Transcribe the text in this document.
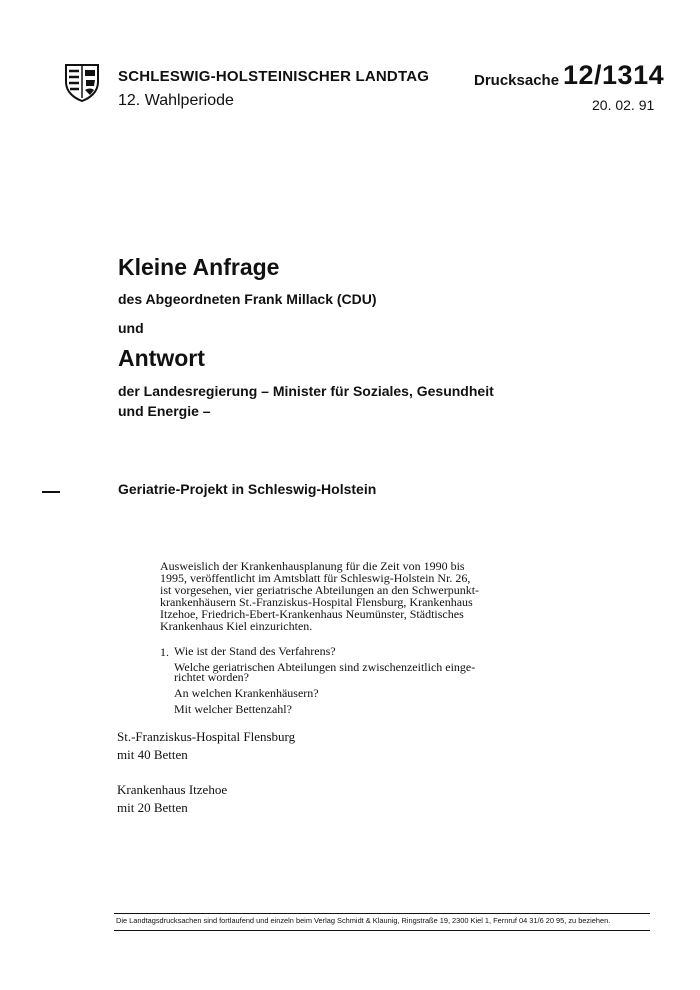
SCHLESWIG-HOLSTEINISCHER LANDTAG
12. Wahlperiode
Drucksache 12/1314
20. 02. 91
Kleine Anfrage
des Abgeordneten Frank Millack (CDU)
und
Antwort
der Landesregierung – Minister für Soziales, Gesundheit
und Energie –
Geriatrie-Projekt in Schleswig-Holstein
Ausweislich der Krankenhausplanung für die Zeit von 1990 bis
1995, veröffentlicht im Amtsblatt für Schleswig-Holstein Nr. 26,
ist vorgesehen, vier geriatrische Abteilungen an den Schwerpunkt-
krankenhäusern St.-Franziskus-Hospital Flensburg, Krankenhaus
Itzehoe, Friedrich-Ebert-Krankenhaus Neumünster, Städtisches
Krankenhaus Kiel einzurichten.
1. Wie ist der Stand des Verfahrens?
Welche geriatrischen Abteilungen sind zwischenzeitlich einge-
richtet worden?
An welchen Krankenhäusern?
Mit welcher Bettenzahl?
St.-Franziskus-Hospital Flensburg
mit 40 Betten
Krankenhaus Itzehoe
mit 20 Betten
Die Landtagsdrucksachen sind fortlaufend und einzeln beim Verlag Schmidt & Klaunig, Ringstraße 19, 2300 Kiel 1, Fernruf 04 31/6 20 95, zu beziehen.
